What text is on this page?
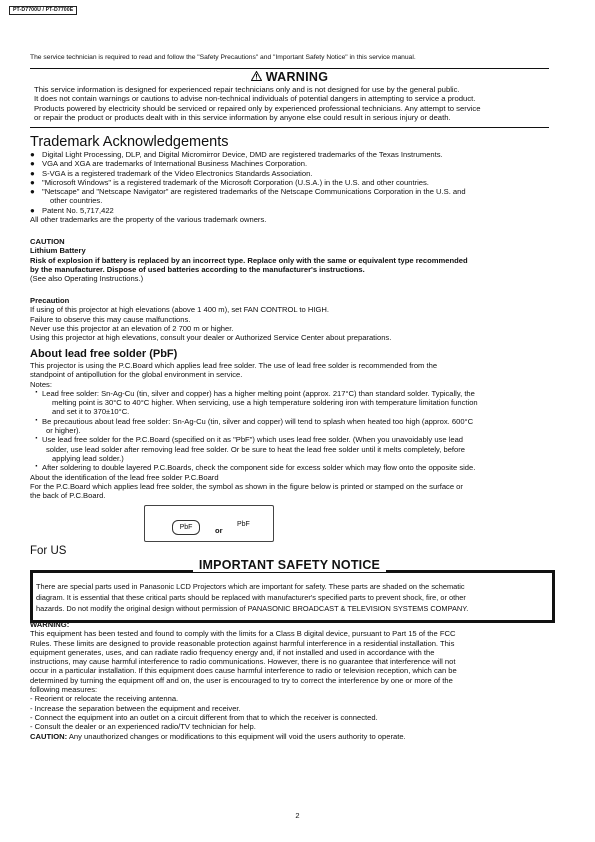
PT-D7700U / PT-D7700E
The service technician is required to read and follow the "Safety Precautions" and "Important Safety Notice" in this service manual.
WARNING

This service information is designed for experienced repair technicians only and is not designed for use by the general public.

It does not contain warnings or cautions to advise non-technical individuals of potential dangers in attempting to service a product.

Products powered by electricity should be serviced or repaired only by experienced professional technicians. Any attempt to service

or repair the product or products dealt with in this service information by anyone else could result in serious injury or death.

Trademark Acknowledgements
● Digital Light Processing, DLP, and Digital Micromirror Device, DMD are registered trademarks of the Texas Instruments.
● VGA and XGA are trademarks of International Business Machines Corporation.
● S-VGA is a registered trademark of the Video Electronics Standards Association.
● "Microsoft Windows" is a registered trademark of the Microsoft Corporation (U.S.A.) in the U.S. and other countries.
● "Netscape" and "Netscape Navigator" are registered trademarks of the Netscape Communications Corporation in the U.S. and
other countries.
● Patent No. 5,717,422
All other trademarks are the property of the various trademark owners.
CAUTION
Lithium Battery
Risk of explosion if battery is replaced by an incorrect type. Replace only with the same or equivalent type recommended
by the manufacturer. Dispose of used batteries according to the manufacturer's instructions.
(See also Operating Instructions.)
Precaution
If using of this projector at high elevations (above 1 400 m), set FAN CONTROL to HIGH.
Failure to observe this may cause malfunctions.
Never use this projector at an elevation of 2 700 m or higher.
Using this projector at high elevations, consult your dealer or Authorized Service Center about preparations.
About lead free solder (PbF)
This projector is using the P.C.Board which applies lead free solder. The use of lead free solder is recommended from the
standpoint of antipollution for the global environment in service.
Notes:
· Lead free solder: Sn-Ag-Cu (tin, silver and copper) has a higher melting point (approx. 217°C) than standard solder. Typically, the
melting point is 30°C to 40°C higher. When servicing, use a high temperature soldering iron with temperature limitation function
and set it to 370±10°C.
· Be precautious about lead free solder: Sn-Ag-Cu (tin, silver and copper) will tend to splash when heated too high (approx. 600°C
or higher).
· Use lead free solder for the P.C.Board (specified on it as "PbF") which uses lead free solder. (When you unavoidably use lead
solder, use lead solder after removing lead free solder. Or be sure to heat the lead free solder until it melts completely, before
applying lead solder.)
· After soldering to double layered P.C.Boards, check the component side for excess solder which may flow onto the opposite side.
About the identification of the lead free solder P.C.Board
For the P.C.Board which applies lead free solder, the symbol as shown in the figure below is printed or stamped on the surface or
the back of P.C.Board.
PbF	or
PbF
For US

There are special parts used in Panasonic LCD Projectors which are important for safety. These parts are shaded on the schematic

diagram. It is essential that these critical parts should be replaced with manufacturer's specified parts to prevent shock, fire, or other

hazards. Do not modify the original design without permission of PANASONIC BROADCAST & TELEVISION SYSTEMS COMPANY.

IMPORTANT SAFETY NOTICE
WARNING:
This equipment has been tested and found to comply with the limits for a Class B digital device, pursuant to Part 15 of the FCC
Rules. These limits are designed to provide reasonable protection against harmful interference in a residential installation. This
equipment generates, uses, and can radiate radio frequency energy and, if not installed and used in accordance with the
instructions, may cause harmful interference to radio communications. However, there is no guarantee that interference will not
occur in a particular installation. If this equipment does cause harmful interference to radio or television reception, which can be
determined by turning the equipment off and on, the user is encouraged to try to correct the interference by one or more of the
following measures:
- Reorient or relocate the receiving antenna.
- Increase the separation between the equipment and receiver.
- Connect the equipment into an outlet on a circuit different from that to which the receiver is connected.
- Consult the dealer or an experienced radio/TV technician for help.
CAUTION: Any unauthorized changes or modifications to this equipment will void the users authority to operate.
2
